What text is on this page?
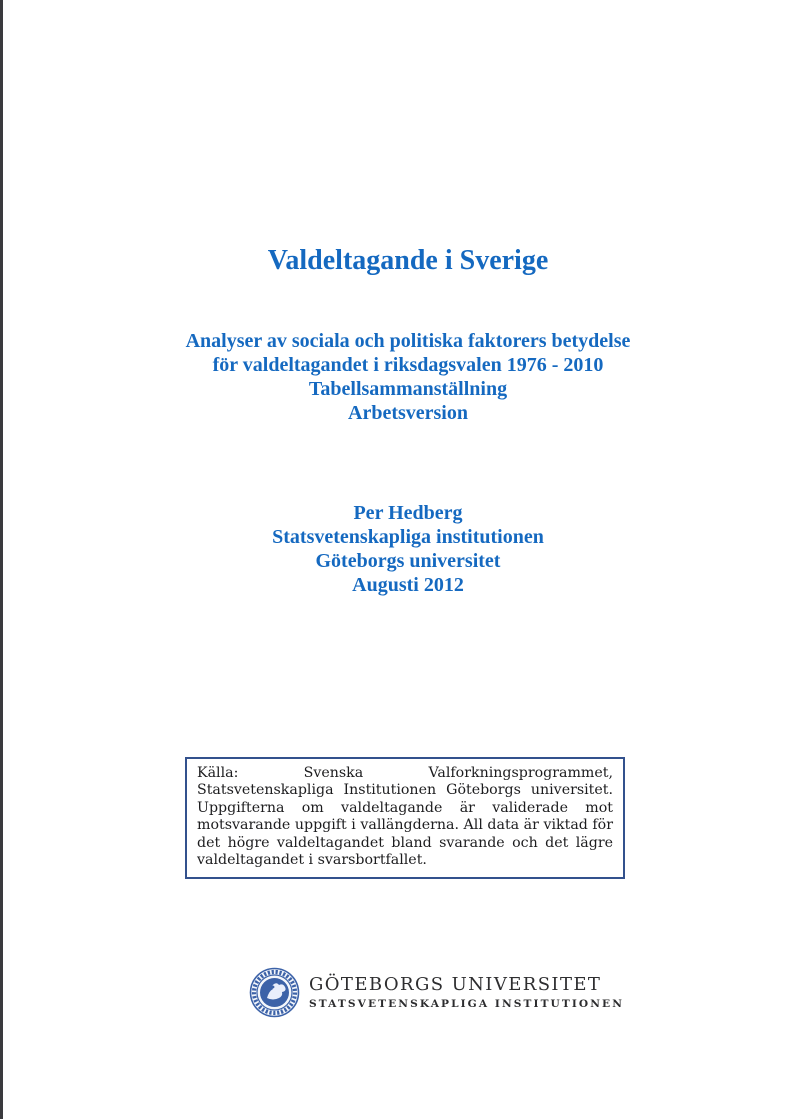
Valdeltagande i Sverige
Analyser av sociala och politiska faktorers betydelse
för valdeltagandet i riksdagsvalen 1976 - 2010
Tabellsammanställning
Arbetsversion
Per Hedberg
Statsvetenskapliga institutionen
Göteborgs universitet
Augusti 2012

Källa: Svenska Valforkningsprogrammet, Statsvetenskapliga Institutionen Göteborgs universitet. Uppgifterna om valdeltagande är validerade mot motsvarande uppgift i vallängderna. All data är viktad för det högre valdeltagandet bland svarande och det lägre valdeltagandet i svarsbortfallet.

GÖTEBORGS UNIVERSITET
STATSVETENSKAPLIGA INSTITUTIONEN
